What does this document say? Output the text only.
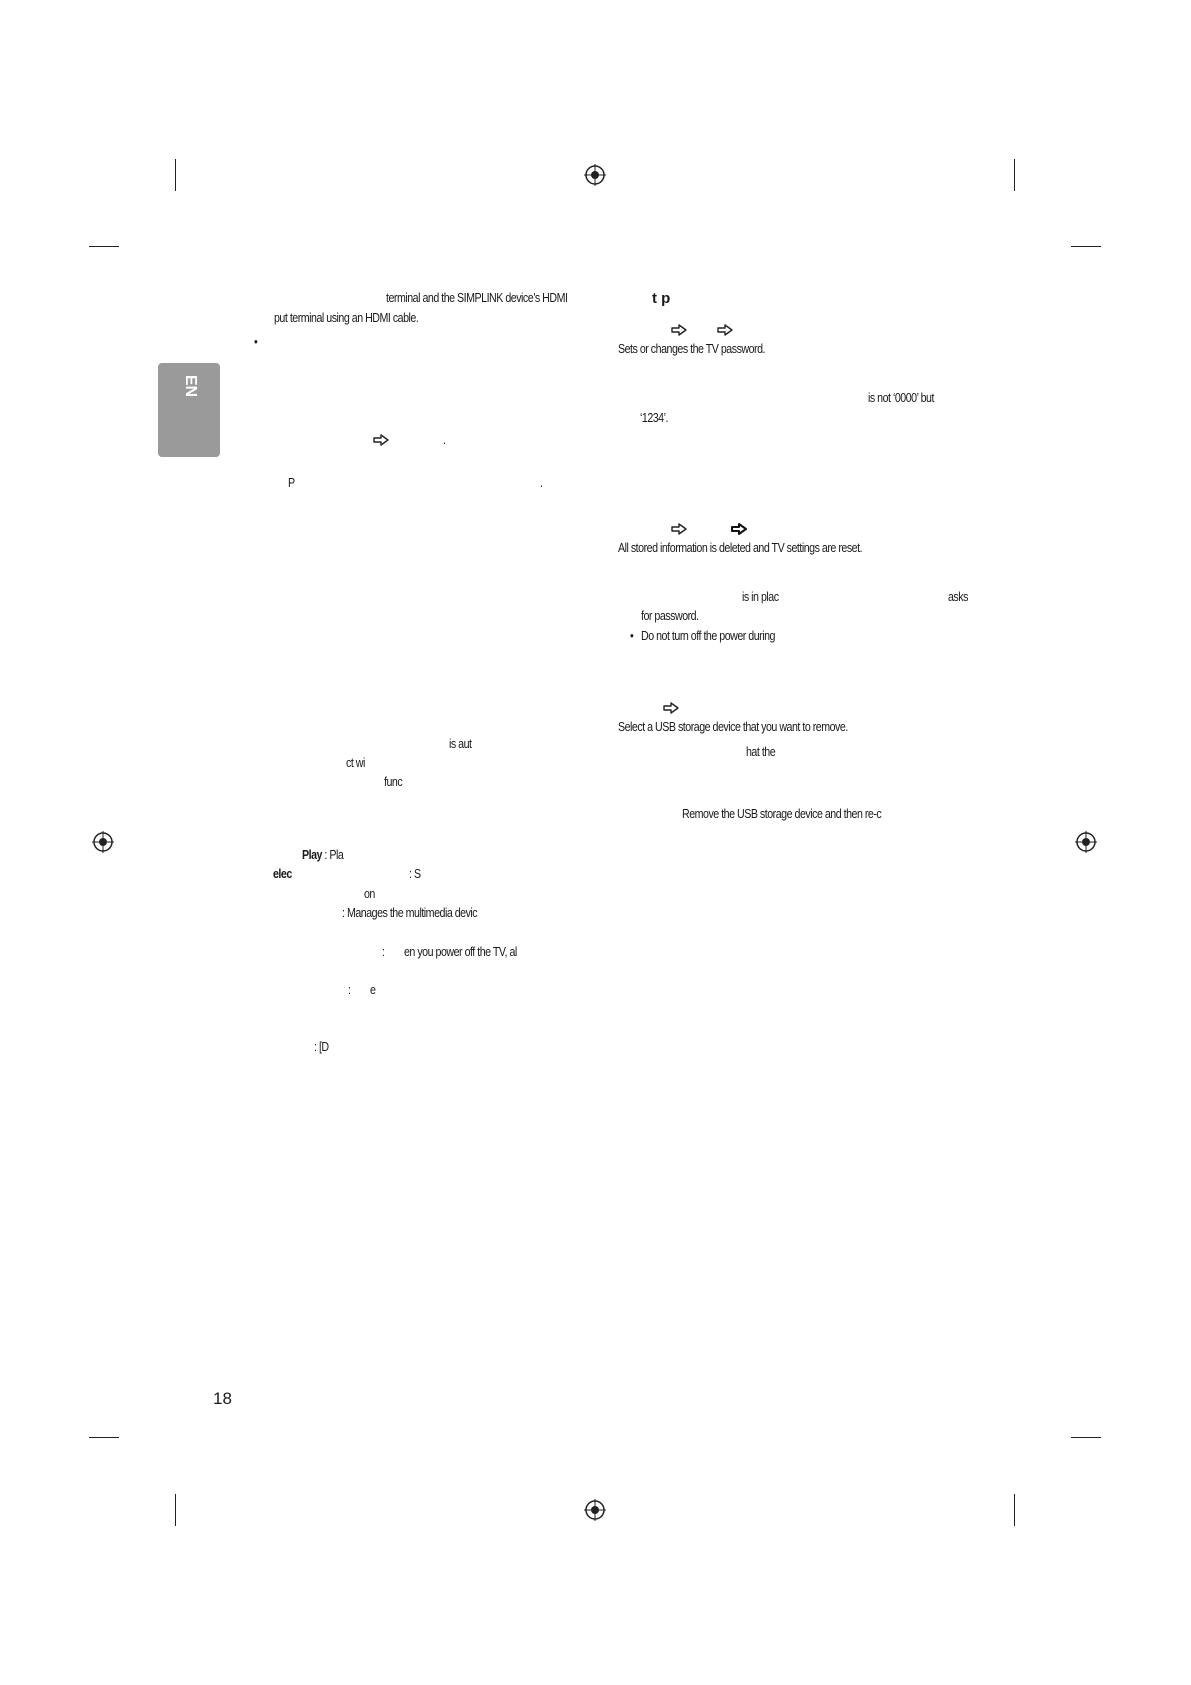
EN
terminal and the SIMPLINK device’s HDMI
put terminal using an HDMI cable.
•
.
P	.
is aut
ct wi
func
Play : Pla
elec	: S
on
: Manages the multimedia devic
: en you power off the TV, al
: e
: [D
t p
Sets or changes the TV password.
is not ‘0000’ but
‘1234’.
All stored information is deleted and TV settings are reset.
is in plac	asks
for password.
• Do not turn off the power during
Select a USB storage device that you want to remove.
hat the
Remove the USB storage device and then re-c
18
